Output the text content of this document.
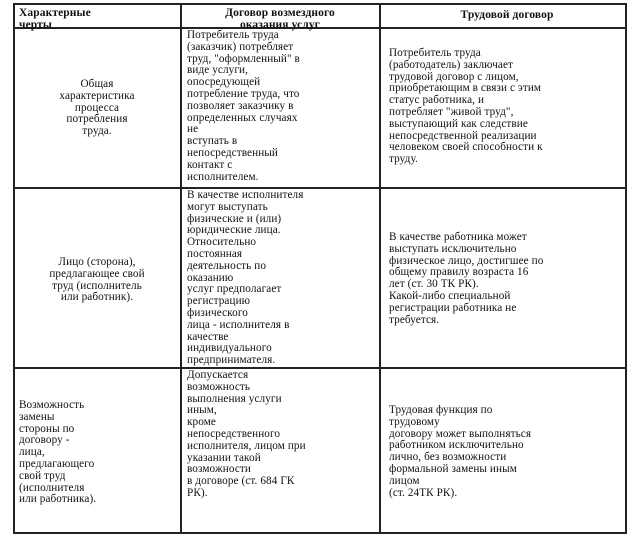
Характерные
черты
Договор возмездного
оказания услуг
Трудовой договор
Общая
характеристика
процесса
потребления
труда.
Потребитель труда
(заказчик) потребляет
труд, "оформленный" в
виде услуги,
опосредующей
потребление труда, что
позволяет заказчику в
определенных случаях
не
вступать в
непосредственный
контакт с
исполнителем.
Потребитель труда
(работодатель) заключает
трудовой договор с лицом,
приобретающим в связи с этим
статус работника, и
потребляет "живой труд",
выступающий как следствие
непосредственной реализации
человеком своей способности к
труду.
Лицо (сторона),
предлагающее свой
труд (исполнитель
или работник).
В качестве исполнителя
могут выступать
физические и (или)
юридические лица.
Относительно
постоянная
деятельность по
оказанию
услуг предполагает
регистрацию
физического
лица - исполнителя в
качестве
индивидуального
предпринимателя.
В качестве работника может
выступать исключительно
физическое лицо, достигшее по
общему правилу возраста 16
лет (ст. 30 ТК РК).
Какой-либо специальной
регистрации работника не
требуется.
Возможность
замены
стороны по
договору -
лица,
предлагающего
свой труд
(исполнителя
или работника).
Допускается
возможность
выполнения услуги
иным,
кроме
непосредственного
исполнителя, лицом при
указании такой
возможности
в договоре (ст. 684 ГК
РК).
Трудовая функция по
трудовому
договору может выполняться
работником исключительно
лично, без возможности
формальной замены иным
лицом
(ст. 24ТК РК).
